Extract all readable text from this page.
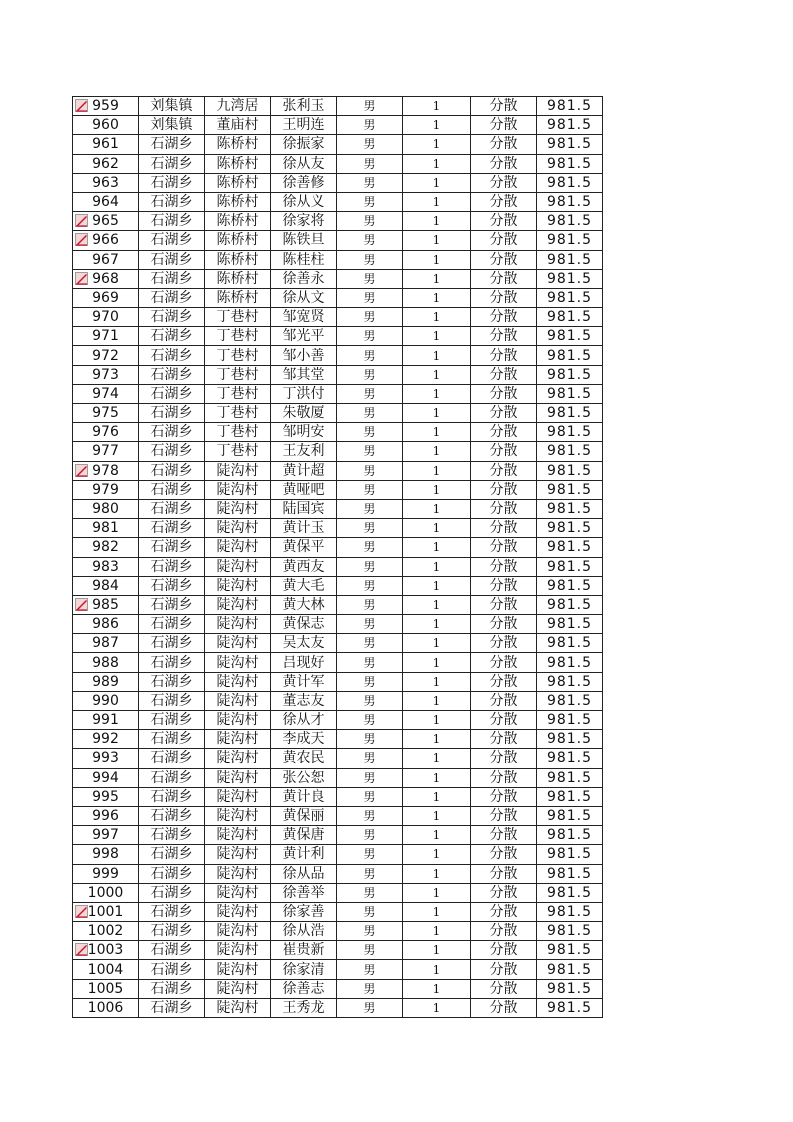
959	刘集镇	九湾居	张利玉	男	1	分散	981.5
960	刘集镇	董庙村	王明连	男	1	分散	981.5
961	石湖乡	陈桥村	徐振家	男	1	分散	981.5
962	石湖乡	陈桥村	徐从友	男	1	分散	981.5
963	石湖乡	陈桥村	徐善修	男	1	分散	981.5
964	石湖乡	陈桥村	徐从义	男	1	分散	981.5

965	石湖乡	陈桥村	徐家将	男	1	分散	981.5

966	石湖乡	陈桥村	陈铁旦	男	1	分散	981.5
967	石湖乡	陈桥村	陈桂柱	男	1	分散	981.5

968	石湖乡	陈桥村	徐善永	男	1	分散	981.5
969	石湖乡	陈桥村	徐从文	男	1	分散	981.5
970	石湖乡	丁巷村	邹宽贤	男	1	分散	981.5
971	石湖乡	丁巷村	邹光平	男	1	分散	981.5
972	石湖乡	丁巷村	邹小善	男	1	分散	981.5
973	石湖乡	丁巷村	邹其堂	男	1	分散	981.5
974	石湖乡	丁巷村	丁洪付	男	1	分散	981.5
975	石湖乡	丁巷村	朱敬厦	男	1	分散	981.5
976	石湖乡	丁巷村	邹明安	男	1	分散	981.5
977	石湖乡	丁巷村	王友利	男	1	分散	981.5

978	石湖乡	陡沟村	黄计超	男	1	分散	981.5
979	石湖乡	陡沟村	黄哑吧	男	1	分散	981.5
980	石湖乡	陡沟村	陆国宾	男	1	分散	981.5
981	石湖乡	陡沟村	黄计玉	男	1	分散	981.5
982	石湖乡	陡沟村	黄保平	男	1	分散	981.5
983	石湖乡	陡沟村	黄西友	男	1	分散	981.5
984	石湖乡	陡沟村	黄大毛	男	1	分散	981.5

985	石湖乡	陡沟村	黄大林	男	1	分散	981.5
986	石湖乡	陡沟村	黄保志	男	1	分散	981.5
987	石湖乡	陡沟村	吴太友	男	1	分散	981.5
988	石湖乡	陡沟村	吕现好	男	1	分散	981.5
989	石湖乡	陡沟村	黄计军	男	1	分散	981.5
990	石湖乡	陡沟村	董志友	男	1	分散	981.5
991	石湖乡	陡沟村	徐从才	男	1	分散	981.5
992	石湖乡	陡沟村	李成天	男	1	分散	981.5
993	石湖乡	陡沟村	黄农民	男	1	分散	981.5
994	石湖乡	陡沟村	张公恕	男	1	分散	981.5
995	石湖乡	陡沟村	黄计良	男	1	分散	981.5
996	石湖乡	陡沟村	黄保丽	男	1	分散	981.5
997	石湖乡	陡沟村	黄保唐	男	1	分散	981.5
998	石湖乡	陡沟村	黄计利	男	1	分散	981.5
999	石湖乡	陡沟村	徐从品	男	1	分散	981.5
1000	石湖乡	陡沟村	徐善举	男	1	分散	981.5

1001	石湖乡	陡沟村	徐家善	男	1	分散	981.5
1002	石湖乡	陡沟村	徐从浩	男	1	分散	981.5

1003	石湖乡	陡沟村	崔贵新	男	1	分散	981.5
1004	石湖乡	陡沟村	徐家清	男	1	分散	981.5
1005	石湖乡	陡沟村	徐善志	男	1	分散	981.5
1006	石湖乡	陡沟村	王秀龙	男	1	分散	981.5
